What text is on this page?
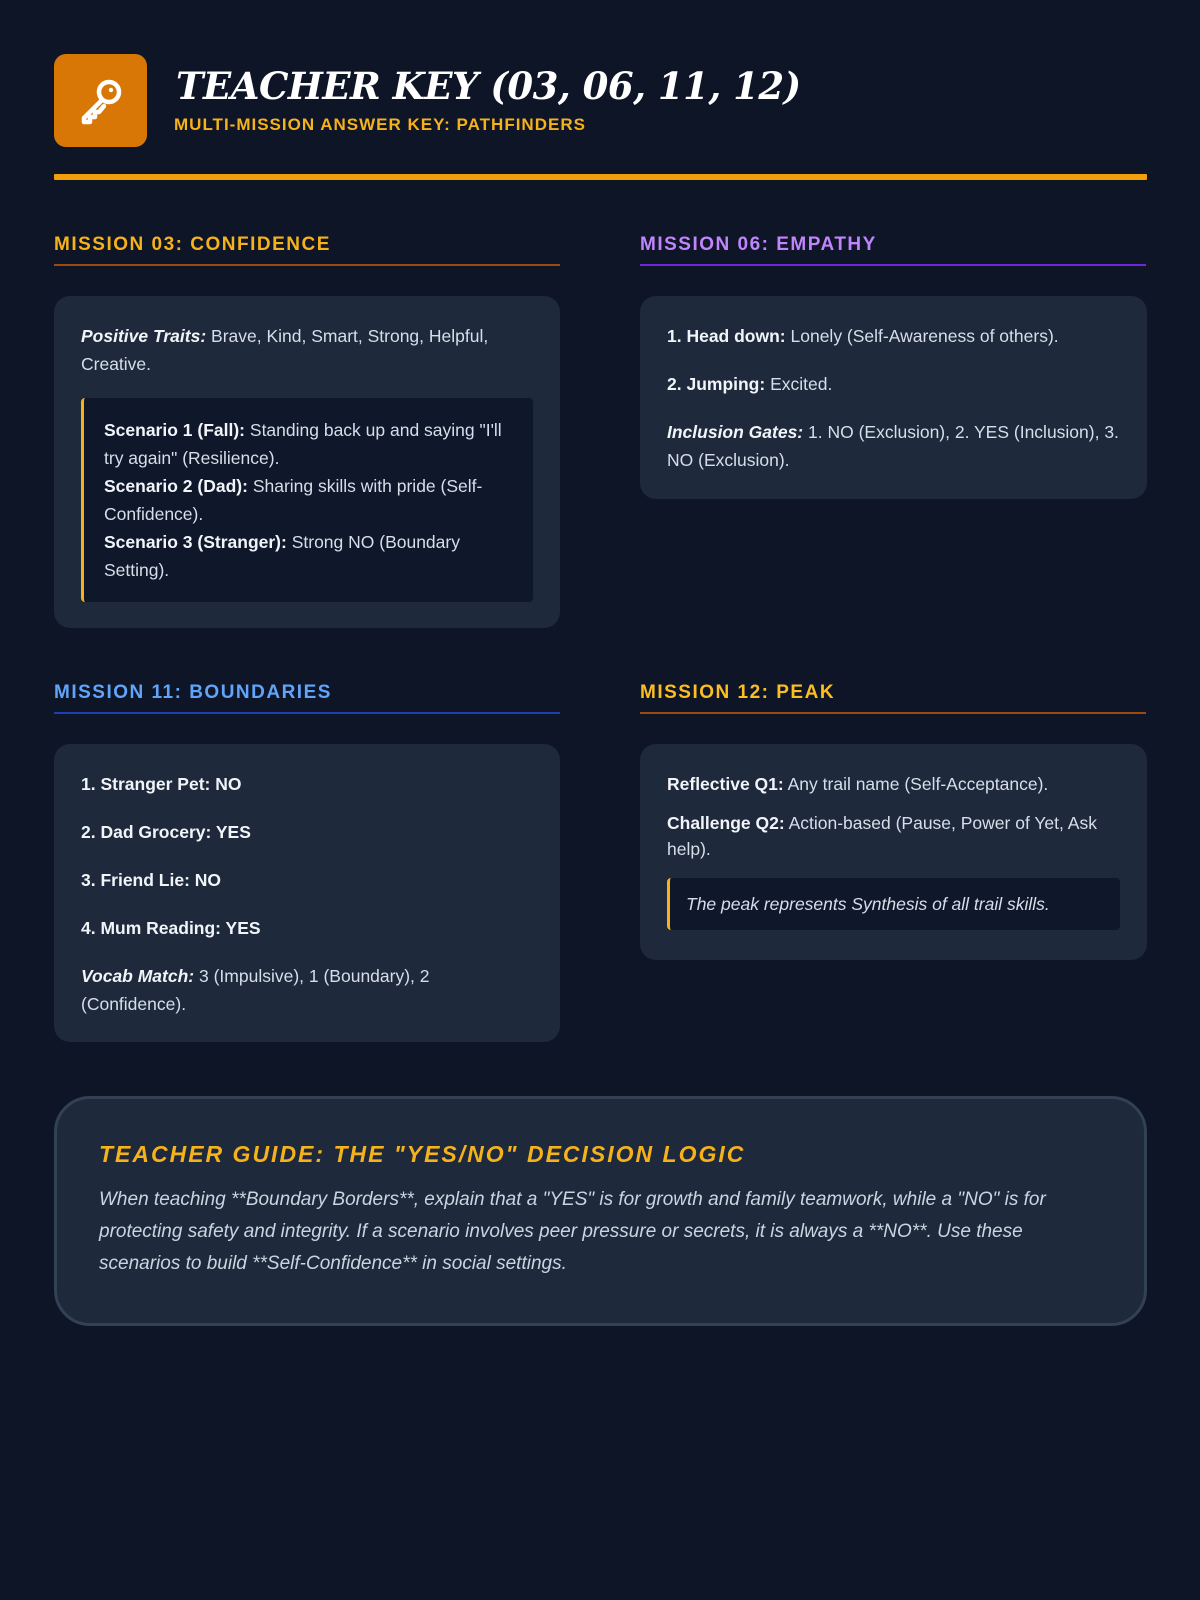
TEACHER KEY (03, 06, 11, 12)
MULTI-MISSION ANSWER KEY: PATHFINDERS
MISSION 03: CONFIDENCE

Positive Traits: Brave, Kind, Smart, Strong, Helpful, Creative.

Scenario 1 (Fall): Standing back up and saying "I'll try again" (Resilience).

Scenario 2 (Dad): Sharing skills with pride (Self-Confidence).

Scenario 3 (Stranger): Strong NO (Boundary Setting).

MISSION 06: EMPATHY

1. Head down: Lonely (Self-Awareness of others).

2. Jumping: Excited.

Inclusion Gates: 1. NO (Exclusion), 2. YES (Inclusion), 3. NO (Exclusion).

MISSION 11: BOUNDARIES

1. Stranger Pet: NO

2. Dad Grocery: YES

3. Friend Lie: NO

4. Mum Reading: YES

Vocab Match: 3 (Impulsive), 1 (Boundary), 2 (Confidence).

MISSION 12: PEAK

Reflective Q1: Any trail name (Self-Acceptance).

Challenge Q2: Action-based (Pause, Power of Yet, Ask help).

The peak represents Synthesis of all trail skills.

TEACHER GUIDE: THE "YES/NO" DECISION LOGIC
When teaching **Boundary Borders**, explain that a "YES" is for growth and family teamwork, while a "NO" is for protecting safety and integrity. If a scenario involves peer pressure or secrets, it is always a **NO**. Use these scenarios to build **Self-Confidence** in social settings.
